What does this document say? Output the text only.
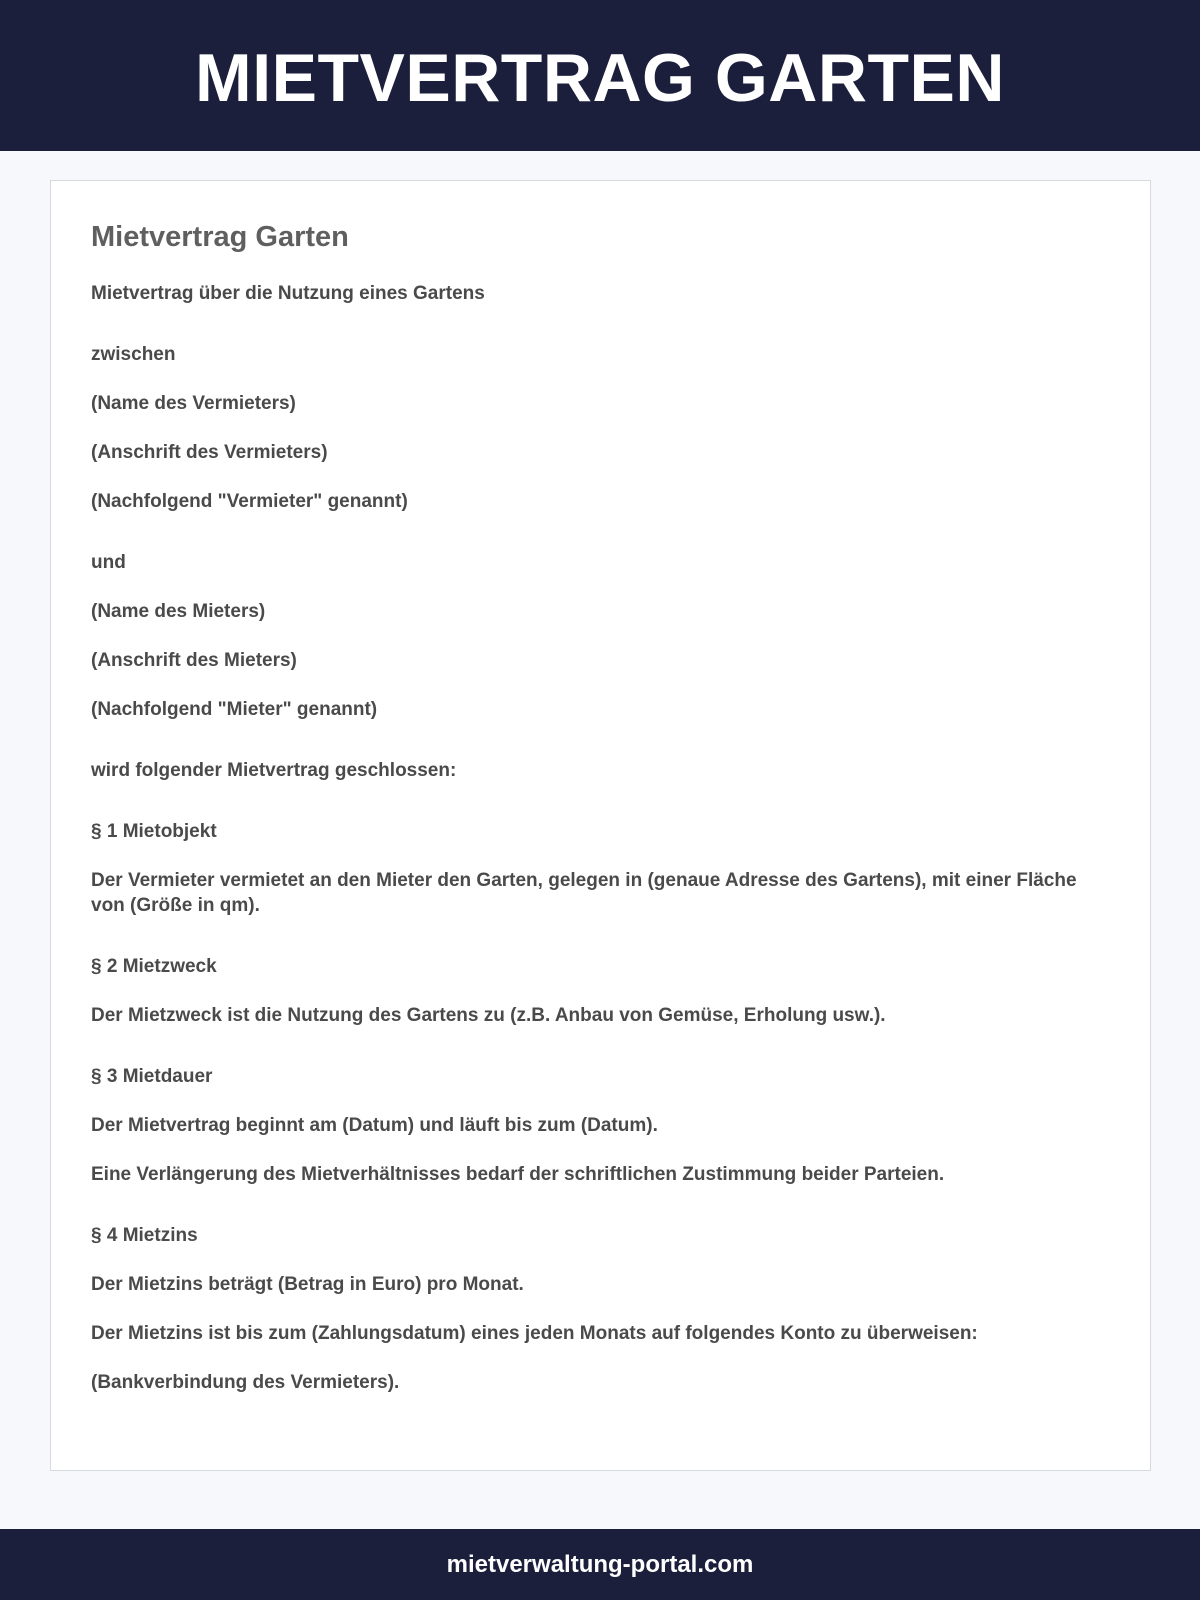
MIETVERTRAG GARTEN
Mietvertrag Garten

Mietvertrag über die Nutzung eines Gartens

zwischen

(Name des Vermieters)

(Anschrift des Vermieters)

(Nachfolgend "Vermieter" genannt)

und

(Name des Mieters)

(Anschrift des Mieters)

(Nachfolgend "Mieter" genannt)

wird folgender Mietvertrag geschlossen:

§ 1 Mietobjekt

Der Vermieter vermietet an den Mieter den Garten, gelegen in (genaue Adresse des Gartens), mit einer Fläche von (Größe in qm).

§ 2 Mietzweck

Der Mietzweck ist die Nutzung des Gartens zu (z.B. Anbau von Gemüse, Erholung usw.).

§ 3 Mietdauer

Der Mietvertrag beginnt am (Datum) und läuft bis zum (Datum).

Eine Verlängerung des Mietverhältnisses bedarf der schriftlichen Zustimmung beider Parteien.

§ 4 Mietzins

Der Mietzins beträgt (Betrag in Euro) pro Monat.

Der Mietzins ist bis zum (Zahlungsdatum) eines jeden Monats auf folgendes Konto zu überweisen:

(Bankverbindung des Vermieters).

mietverwaltung-portal.com
